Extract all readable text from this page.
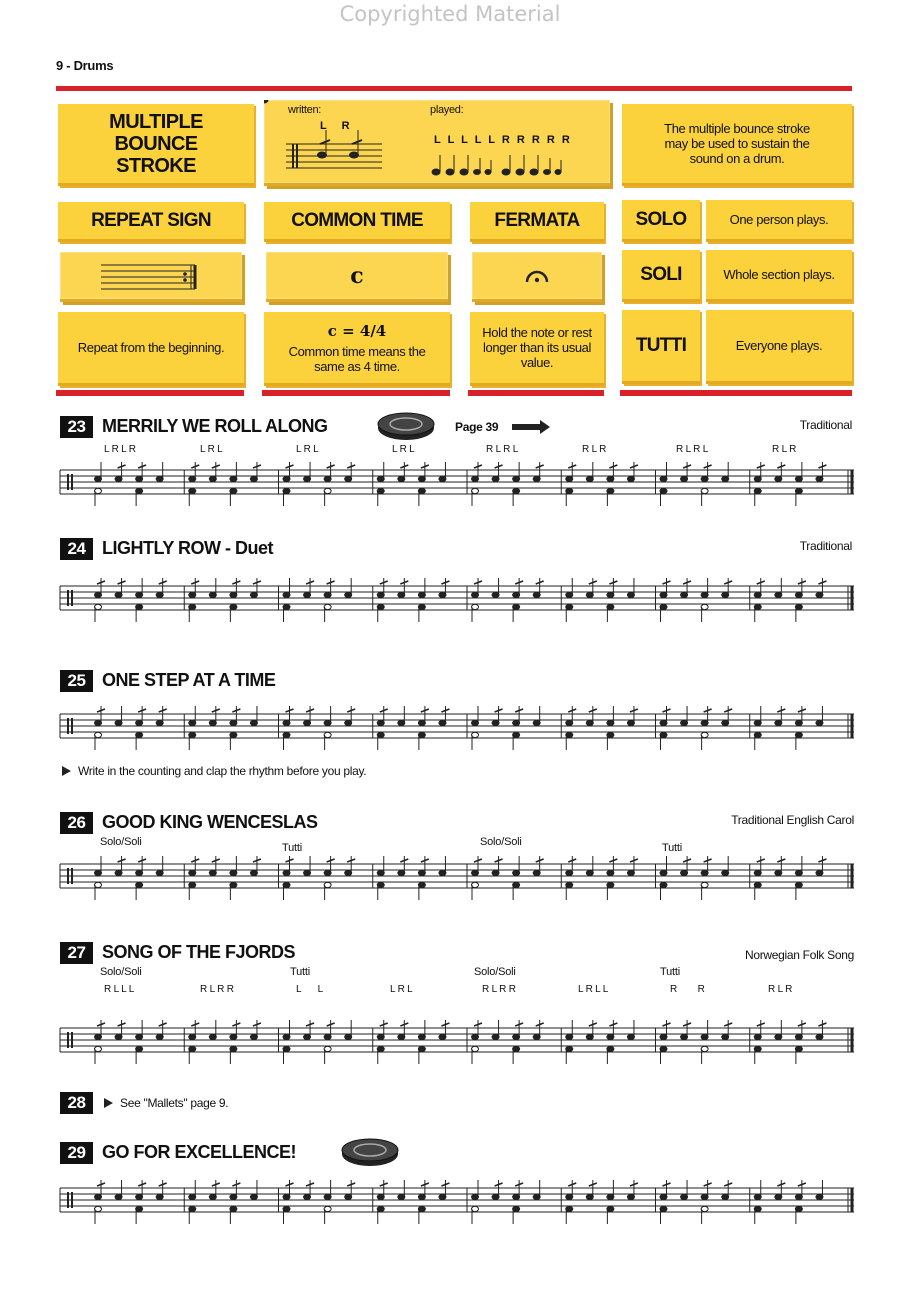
Copyrighted Material
9 - Drums
MULTIPLE BOUNCE STROKE
written:	played:
L R
L L L L L R R R R R
The multiple bounce stroke may be used to sustain the sound on a drum.
REPEAT SIGN	COMMON TIME	FERMATA	SOLO	One person plays.
c	SOLI	Whole section plays.
Repeat from the beginning.
c = 4/4
Common time means the same as 4 time.
Hold the note or rest longer than its usual value.
TUTTI	Everyone plays.
23 MERRILY WE ROLL ALONG	Page 39	Traditional
L R L R	L R L	L R L	L R L	R L R L	R L R	R L R L	R L R
24 LIGHTLY ROW - Duet	Traditional
25 ONE STEP AT A TIME
Write in the counting and clap the rhythm before you play.
26 GOOD KING WENCESLAS	Traditional English Carol
Solo/Soli	Tutti	Solo/Soli	Tutti
27 SONG OF THE FJORDS	Norwegian Folk Song
Solo/Soli	Tutti	Solo/Soli	Tutti
R L L L	R L R R	L L	L R L	R L R R	L R L L	R R	R L R
28	See "Mallets" page 9.
29 GO FOR EXCELLENCE!
